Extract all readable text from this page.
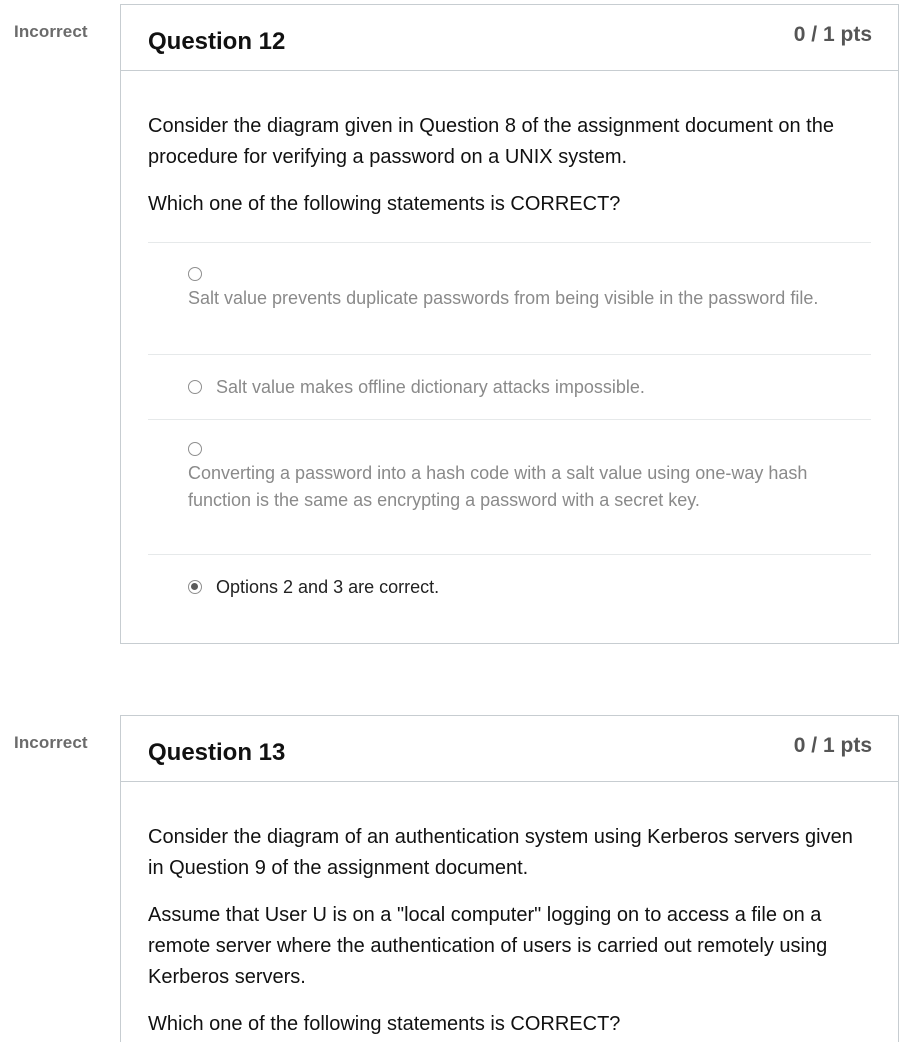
Incorrect	Question 12	0 / 1 pts

Consider the diagram given in Question 8 of the assignment document on the procedure for verifying a password on a UNIX system.

Which one of the following statements is CORRECT?

Salt value prevents duplicate passwords from being visible in the password file.
Salt value makes offline dictionary attacks impossible.
Converting a password into a hash code with a salt value using one-way hash function is the same as encrypting a password with a secret key.
Options 2 and 3 are correct.
Incorrect	Question 13	0 / 1 pts

Consider the diagram of an authentication system using Kerberos servers given in Question 9 of the assignment document.

Assume that User U is on a "local computer" logging on to access a file on a remote server where the authentication of users is carried out remotely using Kerberos servers.

Which one of the following statements is CORRECT?
